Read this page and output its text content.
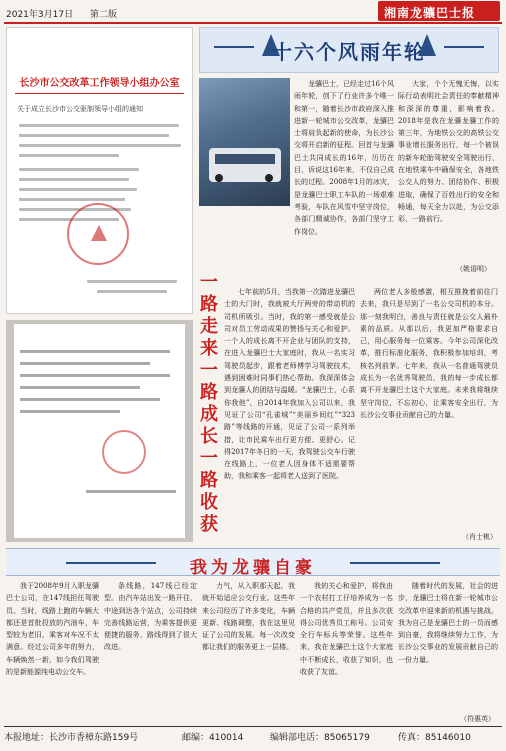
2021年3月17日 第二版	湘南龙骧巴士报
长沙市公交改革工作领导小组办公室
关于成立长沙市公交驱制领导小组的通知
十六个风雨年轮
龙骧巴士，已经走过16个风雨年轮，创下了行业许多个唯一和第一，随着长沙市政府深入推进新一轮城市公交改革，龙骧巴士将肩负起新的使命，为长沙公交将开启新的征程。回首与龙骧巴士共同成长的16年，历历在目，诉说这16年来，不仅自己成长的过程。2008年1月的冰灾，是龙骧巴士职工车队的一场艰难考验，车队在风雪中坚守岗位，各部门精诚协作，各部门坚守工作岗位。
大家，个个无愧无悔，以实际行动表明社会责任的奉献精神和深深的尊重，影响着我。2018年是我在龙骧龙骧工作的第三年，为地铁公交的高铁公交事业增长服务出行，每一个被误的新车轮胎驾驶安全驾驶出行，在地铁乘车中确保安全，各地铁公交人的努力、团结协作、积极进取，确保了百姓出行的安全和畅通，每天全力以赴，为公交添彩，一路前行。
（姚语明）
一
路
走
来
一
路
成
长
一
路
收
获
七年前的5月，当我第一次踏进龙骧巴士的大门时，我就被大厅两旁的带动机的司机所吸引。当时，我的第一感受就是公司对员工劳动成果的赞扬与关心和爱护。一个人的成长离不开企业与团队的支持，在进入龙骧巴士大家庭时，我从一名实习驾驶员起步，跟着老师傅学习驾驶技术，遇到困难时同事们热心帮助。我深深体会到龙骧人的团结与温暖。“龙骧巴士，心系你我他”，自2014年我加入公司以来，我见证了公司“孔雀城”“美丽乡间红”“323路”等线路的开通，见证了公司一系列举措，让市民乘车出行更方便、更舒心。记得2017年冬日的一天，我驾驶公交车行驶在线路上，一位老人因身体不适需要帮助，我和乘客一起将老人送到了医院。
两位老人多般感激，相互推挽着前往门去来，我只是尽到了一名公交司机的本分。那一刻我明白，善良与责任就是公交人最朴素的品质。从那以后，我更加严格要求自己，用心服务每一位乘客。今年公司深化改革，推行标准化服务，我积极参加培训，考核名列前茅。七年来，我从一名普通驾驶员成长为一名优秀驾驶员，我的每一步成长都离不开龙骧巴士这个大家庭。未来我将继续坚守岗位，不忘初心，让乘客安全出行，为长沙公交事业贡献自己的力量。
（肖士桃）
我为龙骧自豪
我于2008年9月入职龙骧巴士公司，在147线担任驾驶员。当时，线路上跑的车辆大都还是首批投放的汽油车，车型较为老旧，乘客对车况不太满意。经过公司多年的努力，车辆焕然一新，如今我们驾驶的是新能源纯电动公交车。
条线路，147线已经定型。由汽车站出发一路开往，中途到达各个站点，公司持续完善线路运营，为乘客提供更便捷的服务，路线得到了很大改进。
力气，从入职那天起，我就开始适应公交行业。这些年来公司经历了许多变化，车辆更新、线路调整，我在这里见证了公司的发展。每一次改变都让我们的服务更上一层楼。
我的关心和爱护，将我由一个农村打工仔培养成为一名合格的共产党员，并且多次获得公司优秀员工称号。公司安全行车标兵等荣誉。这些年来，我在龙骧巴士这个大家庭中不断成长，收获了知识，也收获了友谊。
随着时代的发展，社会的进步，龙骧巴士将在新一轮城市公交改革中迎来新的机遇与挑战。我为自己是龙骧巴士的一员而感到自豪，我将继续努力工作，为长沙公交事业的发展贡献自己的一份力量。
（符惠英）
本报地址：长沙市香樟东路159号	邮编：410014	编辑部电话：85065179	传真：85146010
